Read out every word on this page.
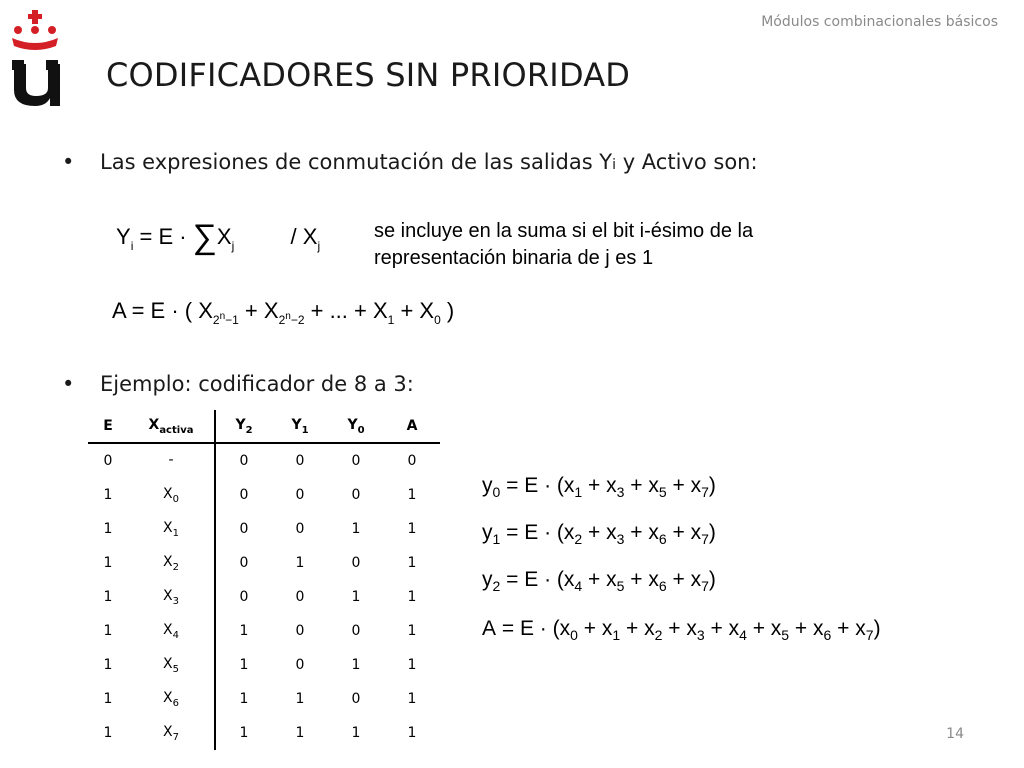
Módulos combinacionales básicos
CODIFICADORES SIN PRIORIDAD
• Las expresiones de conmutación de las salidas Yi y Activo son:
$Y_i = E \cdot \sum X_j$	/ $X_j$
se incluye en la suma si el bit i-ésimo de la
representación binaria de j es 1
A = E · ( $X_{2^n-1} + X_{2^n-2}$ + ... + $X_1 + X_0$ )
• Ejemplo: codificador de 8 a 3:
E	$X_{activa}$	$Y_2$	$Y_1$	$Y_0$	A
0	-	0	0	0	0
1	$X_0$	0	0	0	1
1	$X_1$	0	0	1	1
1	$X_2$	0	1	0	1
1	$X_3$	0	0	1	1
1	$X_4$	1	0	0	1
1	$X_5$	1	0	1	1
1	$X_6$	1	1	0	1
1	$X_7$	1	1	1	1
$y_0 = E \cdot (x_1 + x_3 + x_5 + x_7)$
$y_1 = E \cdot (x_2 + x_3 + x_6 + x_7)$
$y_2 = E \cdot (x_4 + x_5 + x_6 + x_7)$
$A = E \cdot (x_0 + x_1 + x_2 + x_3 + x_4 + x_5 + x_6 + x_7)$
14
